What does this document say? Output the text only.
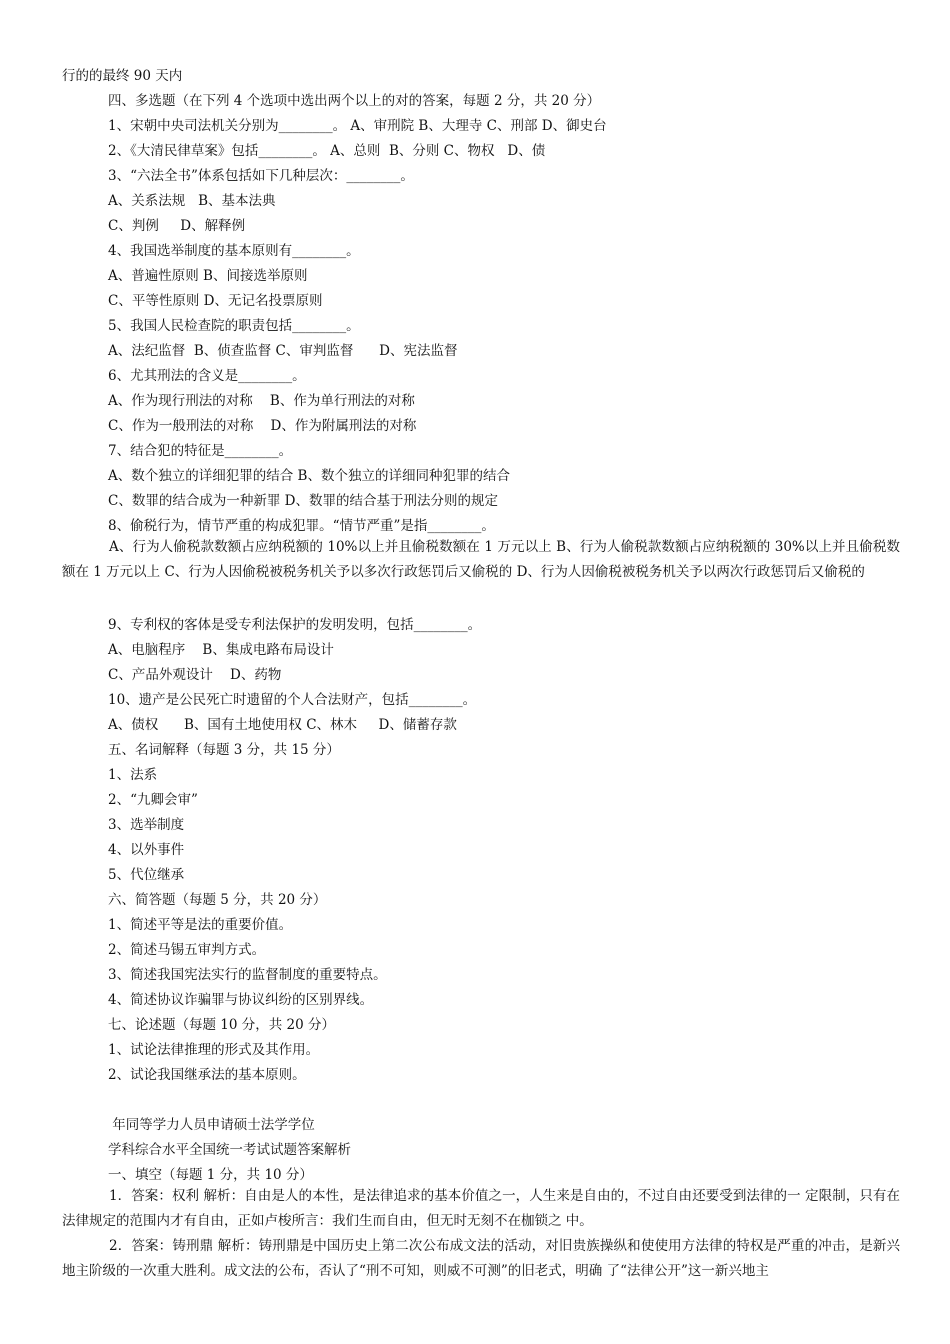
行的的最终 90 天内
四、多选题（在下列 4 个选项中选出两个以上的对的答案，每题 2 分，共 20 分）
1、宋朝中央司法机关分别为________。 A、审刑院 B、大理寺 C、刑部 D、御史台
2、《大清民律草案》包括________。 A、总则  B、分则 C、物权   D、债
3、“六法全书”体系包括如下几种层次：________。
A、关系法规   B、基本法典
C、判例     D、解释例
4、我国选举制度的基本原则有________。
A、普遍性原则 B、间接选举原则
C、平等性原则 D、无记名投票原则
5、我国人民检查院的职责包括________。
A、法纪监督  B、侦查监督 C、审判监督      D、宪法监督
6、尤其刑法的含义是________。
A、作为现行刑法的对称    B、作为单行刑法的对称
C、作为一般刑法的对称    D、作为附属刑法的对称
7、结合犯的特征是________。
A、数个独立的详细犯罪的结合 B、数个独立的详细同种犯罪的结合
C、数罪的结合成为一种新罪 D、数罪的结合基于刑法分则的规定
8、偷税行为，情节严重的构成犯罪。“情节严重”是指________。
A、行为人偷税款数额占应纳税额的 10%以上并且偷税数额在 1 万元以上 B、行为人偷税款数额占应纳税额的 30%以上并且偷税数额在 1 万元以上 C、行为人因偷税被税务机关予以多次行政惩罚后又偷税的 D、行为人因偷税被税务机关予以两次行政惩罚后又偷税的
9、专利权的客体是受专利法保护的发明发明，包括________。
A、电脑程序    B、集成电路布局设计
C、产品外观设计    D、药物
10、遗产是公民死亡时遗留的个人合法财产，包括________。
A、债权      B、国有土地使用权 C、林木     D、储蓄存款
五、名词解释（每题 3 分，共 15 分）
1、法系
2、“九卿会审”
3、选举制度
4、以外事件
5、代位继承
六、简答题（每题 5 分，共 20 分）
1、简述平等是法的重要价值。
2、简述马锡五审判方式。
3、简述我国宪法实行的监督制度的重要特点。
4、简述协议诈骗罪与协议纠纷的区别界线。
七、论述题（每题 10 分，共 20 分）
1、试论法律推理的形式及其作用。
2、试论我国继承法的基本原则。
年同等学力人员申请硕士法学学位
学科综合水平全国统一考试试题答案解析
一、填空（每题 1 分，共 10 分）
1．答案：权利 解析：自由是人的本性，是法律追求的基本价值之一，人生来是自由的，不过自由还要受到法律的一 定限制，只有在法律规定的范围内才有自由，正如卢梭所言：我们生而自由，但无时无刻不在枷锁之 中。
2．答案：铸刑鼎 解析：铸刑鼎是中国历史上第二次公布成文法的活动，对旧贵族操纵和使使用方法律的特权是严重的冲击，是新兴地主阶级的一次重大胜利。成文法的公布，否认了“刑不可知，则威不可测”的旧老式，明确 了“法律公开”这一新兴地主
